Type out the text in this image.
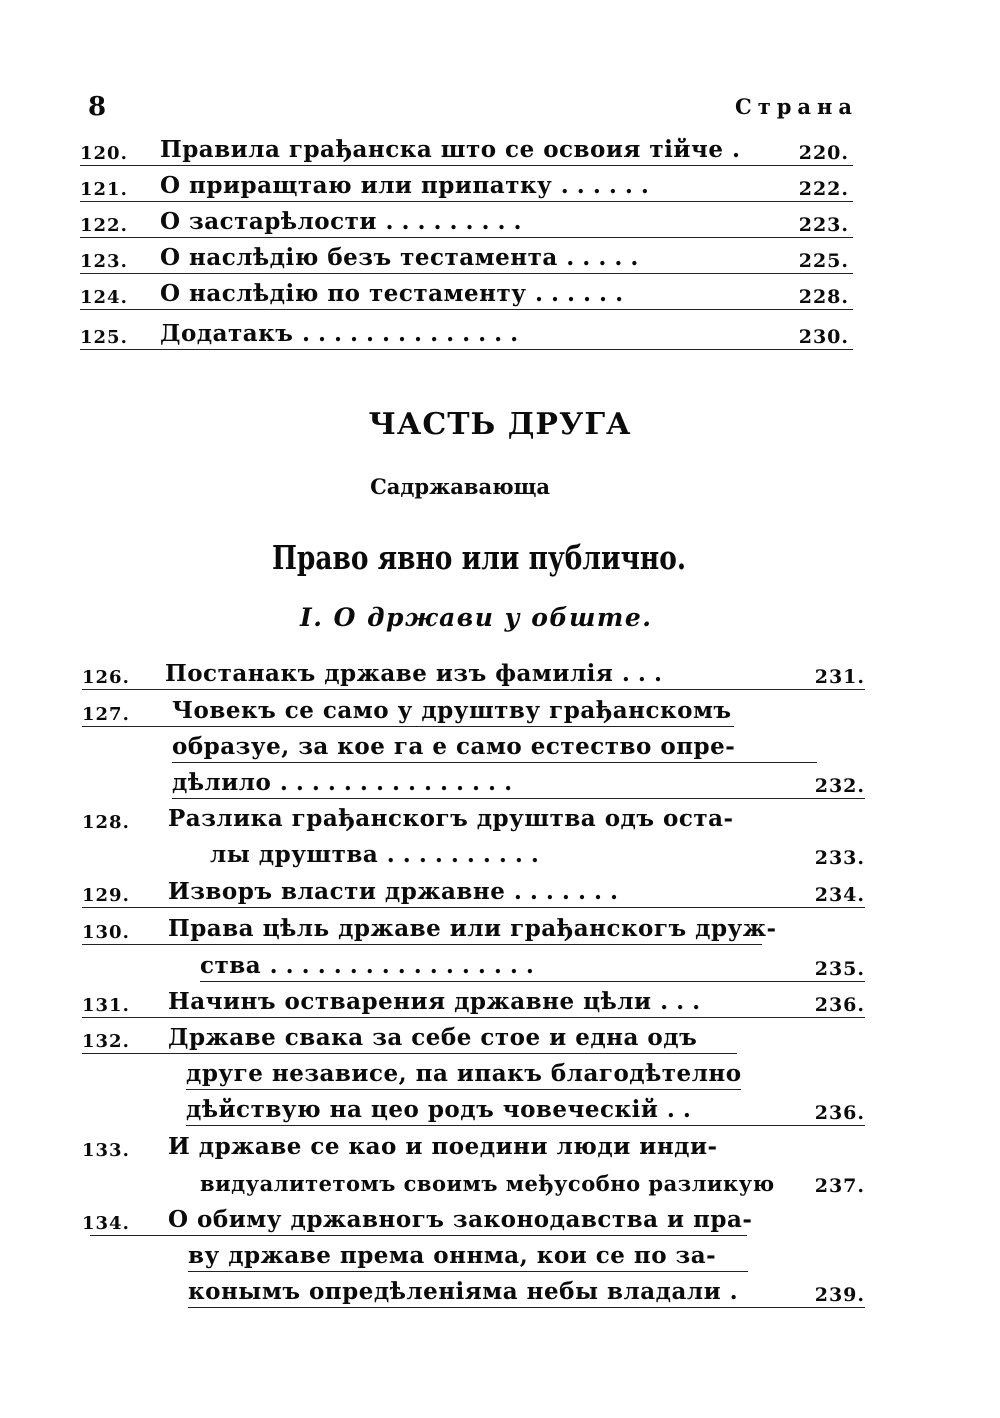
8	Страна
120. Правила грађанска што се освоия тійче .	220.
121. О приращтаю или припатку . . . . . .	222.
122. О застарѣлости . . . . . . . . .	223.
123. О наслѣдію безъ тестамента . . . . .	225.
124. О наслѣдію по тестаменту . . . . . .	228.
125. Додатакъ . . . . . . . . . . . . . .	230.
ЧАСТЬ ДРУГА
Садржавающа
Право явно или публично.
I. О држави у обште.
126. Постанакъ државе изъ фамилія . . .	231.
127. Човекъ се само у друштву грађанскомъ
образуе, за кое га е само естество опре-
дѣлило . . . . . . . . . . . . . . .	232.
128. Разлика грађанскогъ друштва одъ оста-
лы друштва . . . . . . . . . .	233.
129. Изворъ власти државне . . . . . . .	234.
130. Права цѣль државе или грађанскогъ друж-
ства . . . . . . . . . . . . . . . . .	235.
131. Начинъ остварения државне цѣли . . .	236.
132. Државе свака за себе стое и една одъ
друге независе, па ипакъ благодѣтелно
дѣйствую на цео родъ човеческій . .	236.
133. И државе се као и поедини люди инди-
видуалитетомъ своимъ међусобно разликую 237.
134. О обиму државногъ законодавства и пра-
ву државе према оннма, кои се по за-
конымъ опредѣленіяма небы владали .	239.
